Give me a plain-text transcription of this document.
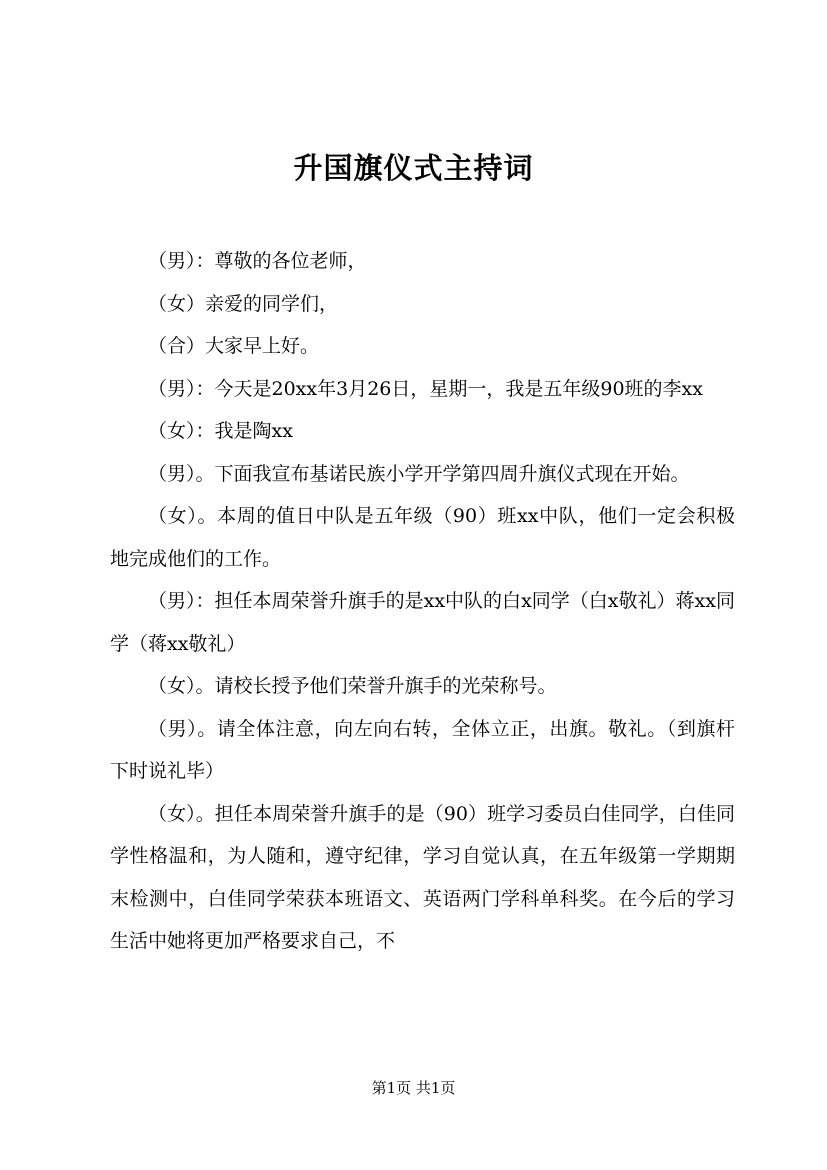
升国旗仪式主持词

（男）：尊敬的各位老师，

（女）亲爱的同学们，

（合）大家早上好。

（男）：今天是20xx年3月26日，星期一，我是五年级90班的李xx

（女）：我是陶xx

（男）。下面我宣布基诺民族小学开学第四周升旗仪式现在开始。

（女）。本周的值日中队是五年级（90）班xx中队，他们一定会积极地完成他们的工作。

（男）：担任本周荣誉升旗手的是xx中队的白x同学（白x敬礼）蒋xx同学（蒋xx敬礼）

（女）。请校长授予他们荣誉升旗手的光荣称号。

（男）。请全体注意，向左向右转，全体立正，出旗。敬礼。（到旗杆下时说礼毕）

（女）。担任本周荣誉升旗手的是（90）班学习委员白佳同学，白佳同学性格温和，为人随和，遵守纪律，学习自觉认真，在五年级第一学期期末检测中，白佳同学荣获本班语文、英语两门学科单科奖。在今后的学习生活中她将更加严格要求自己，不

第1页 共1页
